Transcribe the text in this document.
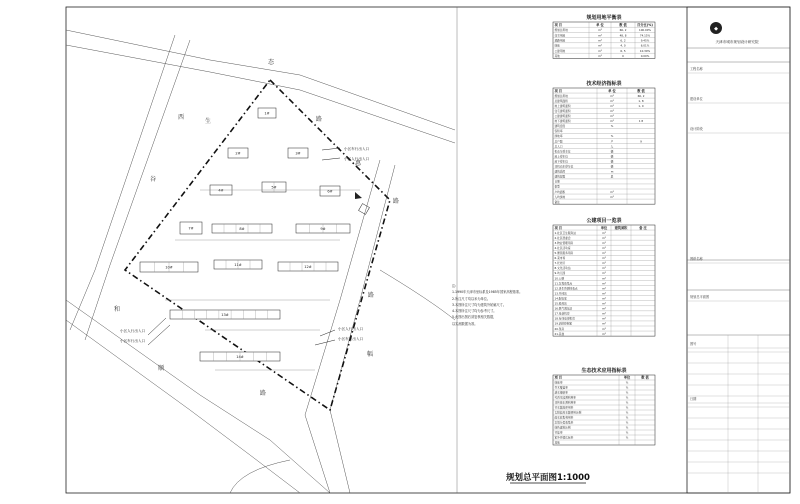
1#
2#	3#
4#
5#
6#
7#	8#	9#
10#
11#	12#
13#
14#
西
谷
生
态
路
惠
路
和
顺
路
幅
路
小区车行出入口
小区人行出入口
小区人行出入口
小区车行出入口
小区人行出入口
小区车行出入口
规划用地平衡表
项 目	单 位	数 值	百分比(%)
规划总用地	m²	66, 2	100.00%
住宅用地	m²	48, 8	74.15%
道路用地	m²	6, 2	9.45%
绿地	m²	4, 0	6.01%
公建用地	m²	6, 5	10.39%
其他	m²	0	0.00%
技术经济指标表
项 目	单 位	数 值
规划总用地	m²	66, 2
总建筑面积	m²	1, 8
地上建筑面积	m²	1, 0
住宅建筑面积	m²
公建建筑面积	m²
地下建筑面积	m²	1 8
建筑密度	%
容积率
绿地率	%
总户数	户	9
总人口	人
机动车停车位	辆
地上停车位	辆
地下停车位	辆
非机动车停车位	辆
建筑高度	m
建筑层数	层
日照
套型
户均面积	m²
人均绿地	m²
备注
公建项目一览表
项 目	单位	建筑面积	备 注
1.社区卫生服务站	m²
2.社区居委会	m²
3.物业管理用房	m²
4.社区活动室	m²
5.便民服务用房	m²
6.菜市场	m²
7.托老所	m²
8.文化活动站	m²
9.幼儿园	m²
10.公厕	m²
11.垃圾收集点	m²
12.再生资源回收点	m²
13.开闭站	m²
14.配电室	m²
15.换热站	m²
16.燃气调压站	m²
17.电信机房	m²
18.有线电视机房	m²
19.消防控制室	m²
20.泵房	m²
21.其他	m²
生态技术应用指标表
项 目	单位	数 值
绿地率	%
乔木覆盖率	%
透水铺装率	%
可再生能源利用率	%
非传统水源利用率	%
节水器具使用率	%
太阳能热水器使用比例	%
雨水收集利用率	%
垃圾分类收集率	%
绿色建筑比例	%
节能率	%
室外环境达标率	%
其他
◆
天津市城市规划设计研究院
工程名称
建设单位
设计阶段
图纸名称
规划总平面图
图号
日期
规划总平面图1:1000
注:
1.1990年天津市坐标系及1985年国家高程基准。
2.所注尺寸均以米为单位。
3.本图所注尺寸均为建筑外轮廓尺寸。
4.本图所注尺寸均为参考尺寸。
5.此图出图后须复核相关数据，
以实测数据为准。
